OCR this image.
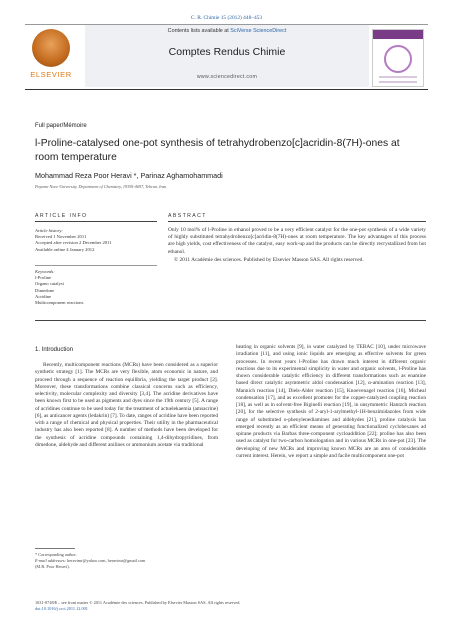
C. R. Chimie 15 (2012) 448–453
ELSEVIER
Contents lists available at SciVerse ScienceDirect
Comptes Rendus Chimie
www.sciencedirect.com
Full paper/Mémoire
l-Proline-catalysed one-pot synthesis of tetrahydrobenzo[c]acridin-8(7H)-ones at room temperature
Mohammad Reza Poor Heravi *, Parinaz Aghamohammadi
Payame Noor University, Department of Chemistry, 19395-4697, Tehran, Iran
ARTICLE INFO	ABSTRACT
Article history:
Received 1 November 2011
Accepted after revision 2 December 2011
Available online 4 January 2012
Keywords:
l-Proline
Organo catalyst
Dimedone
Acridine
Multicomponent reactions
Only 10 mol% of l-Proline in ethanol proved to be a very efficient catalyst for the one-pot synthesis of a wide variety of highly substituted tetrahydrobenzo[c]acridin-8(7H)-ones at room temperature. The key advantages of this process are high yields, cost effectiveness of the catalyst, easy work-up and the products can be directly recrystallized from hot ethanol.
© 2011 Académie des sciences. Published by Elsevier Masson SAS. All rights reserved.
1. Introduction
Recently, multicomponent reactions (MCRs) have been considered as a superior synthetic strategy [1]. The MCRs are very flexible, atom economic in nature, and proceed through a sequence of reaction equilibria, yielding the target product [2]. Moreover, these transformations combine classical concerns such as efficiency, selectivity, molecular complexity and diversity [3,4]. The acridine derivatives have been known first to be used as pigments and dyes since the 19th century [5]. A range of acridines continue to be used today for the treatment of actuelekaemia (amsacrine) [6], as anticancer agents (ledakrin) [7]. To date, ranges of acridine have been reported with a range of chemical and physical properties. Their utility in the pharmaceutical industry has also been reported [8]. A number of methods have been developed for the synthesis of acridine compounds containing 1,4-dihydropyridines, from dimedone, aldehyde and different anilines or ammonium acetate via traditional
heating in organic solvents [9], in water catalyzed by TEBAC [10], under microwave irradiation [11], and using ionic liquids are emerging as effective solvents for green processes. In recent years l-Proline has drawn much interest in different organic reactions due to its experimental simplicity in water and organic solvents, l-Proline has shown considerable catalytic efficiency in different transformations such as enamine based direct catalytic asymmetric aldol condensation [12], α-amination reaction [13], Mannich reaction [14], Diels-Alder reaction [15], Knoevenagel reaction [16], Micheal condensation [17], and as excellent promoter for the copper-catalyzed coupling reaction [18], as well as in solvent-free Biginelli reaction [19], in unsymmetric Hantzch reaction [20], for the selective synthesis of 2-aryl-1-arylmethyl-1H-benzimidazoles from wide range of substituted o-phenylenediamines and aldehydes [21], proline catalysis has emerged recently as an efficient means of generating functionalized cyclohexanes ad spirane products via Barbas three-component cycloaddition [22]; proline has also been used as catalyst for two-carbon homologation and in various MCRs in one-pot [23]. The developing of new MCRs and improving known MCRs are an area of considerable current interest. Herein, we report a simple and facile multicomponent one-pot
* Corresponding author.
E-mail addresses: heravimr@yahoo.com, heravimr@gmail.com
(M.R. Poor Heravi).
1631-0748/$ – see front matter © 2011 Académie des sciences. Published by Elsevier Masson SAS. All rights reserved.
doi:10.1016/j.crci.2011.12.001
